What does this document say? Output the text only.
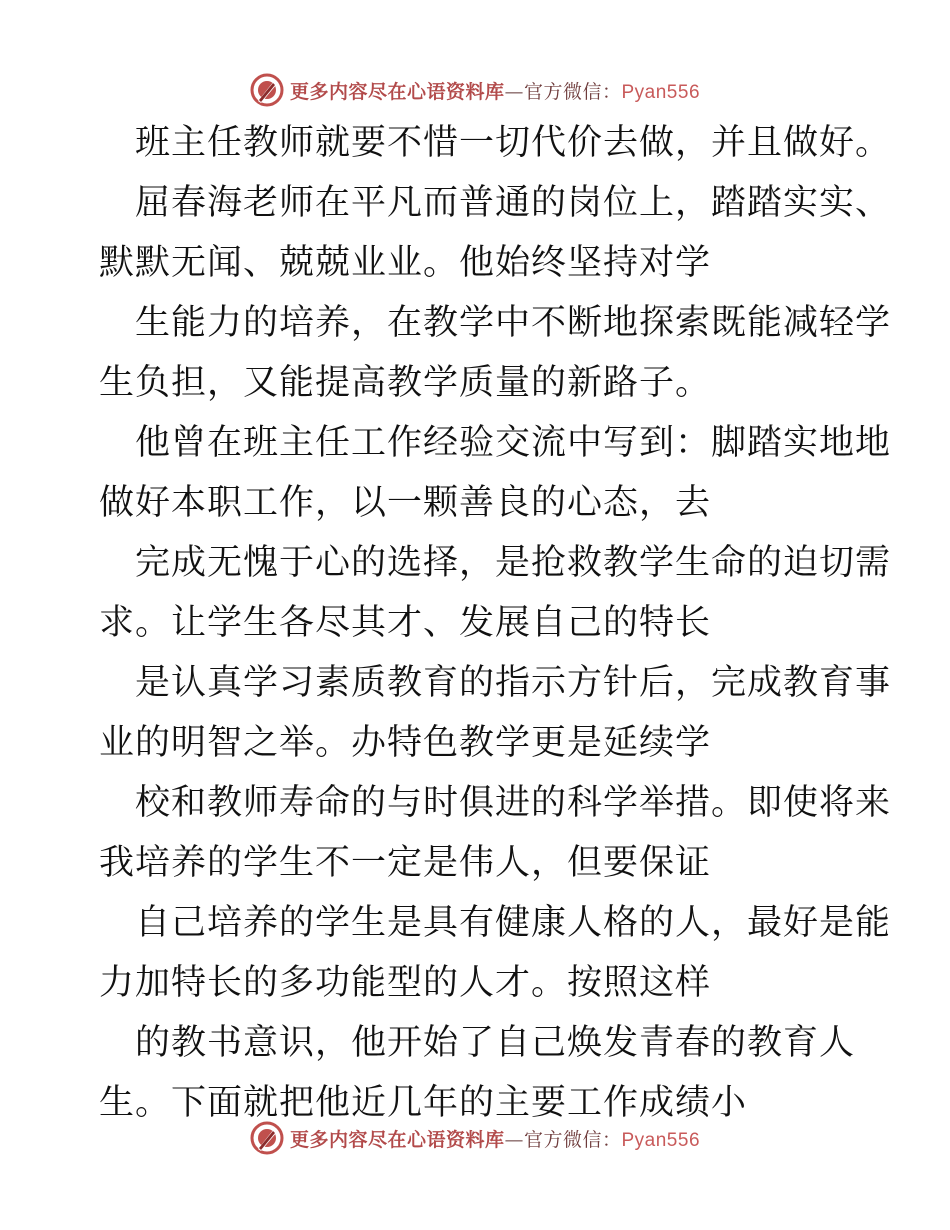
更多内容尽在心语资料库 — 官方微信： Pyan556
班主任教师就要不惜一切代价去做，并且做好。
屈春海老师在平凡而普通的岗位上，踏踏实实、
默默无闻、兢兢业业。他始终坚持对学
生能力的培养，在教学中不断地探索既能减轻学
生负担，又能提高教学质量的新路子。
他曾在班主任工作经验交流中写到：脚踏实地地
做好本职工作，以一颗善良的心态，去
完成无愧于心的选择，是抢救教学生命的迫切需
求。让学生各尽其才、发展自己的特长
是认真学习素质教育的指示方针后，完成教育事
业的明智之举。办特色教学更是延续学
校和教师寿命的与时俱进的科学举措。即使将来
我培养的学生不一定是伟人，但要保证
自己培养的学生是具有健康人格的人，最好是能
力加特长的多功能型的人才。按照这样
的教书意识，他开始了自己焕发青春的教育人
生。下面就把他近几年的主要工作成绩小
更多内容尽在心语资料库 — 官方微信： Pyan556
